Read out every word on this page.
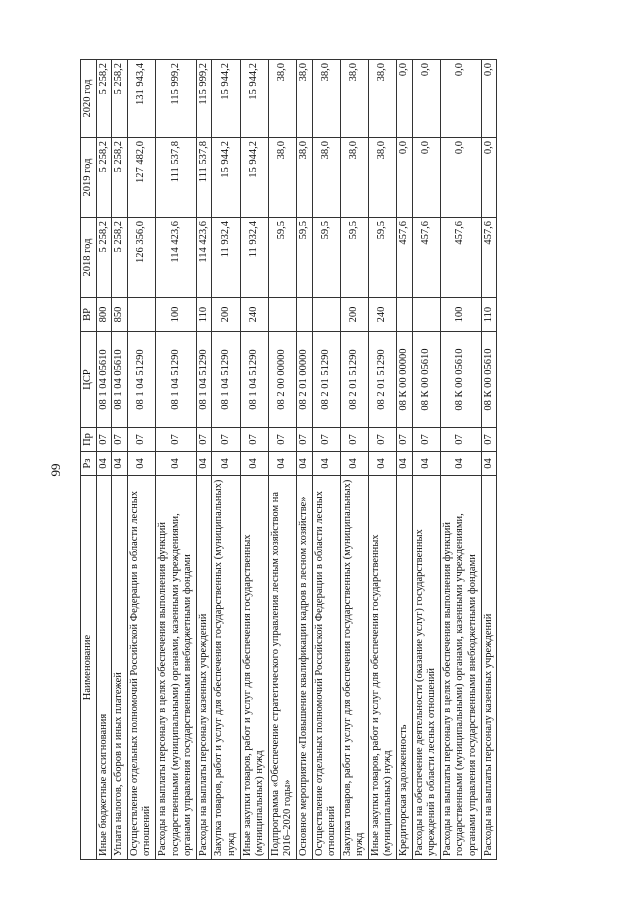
99
Наименование	Рз	Пр	ЦСР	ВР	2018 год	2019 год	2020 год
Иные бюджетные ассигнования	04	07	08 1 04 05610	800	5 258,2	5 258,2	5 258,2
Уплата налогов, сборов и иных платежей	04	07	08 1 04 05610	850	5 258,2	5 258,2	5 258,2
Осуществление отдельных полномочий Российской Федерации в области лесных отношений	04	07	08 1 04 51290		126 356,0	127 482,0	131 943,4
Расходы на выплаты персоналу в целях обеспечения выполнения функций государственными (муниципальными) органами, казенными учреждениями, органами управления государственными внебюджетными фондами	04	07	08 1 04 51290	100	114 423,6	111 537,8	115 999,2
Расходы на выплаты персоналу казенных учреждений	04	07	08 1 04 51290	110	114 423,6	111 537,8	115 999,2
Закупка товаров, работ и услуг для обеспечения государственных (муниципальных) нужд	04	07	08 1 04 51290	200	11 932,4	15 944,2	15 944,2
Иные закупки товаров, работ и услуг для обеспечения государственных (муниципальных) нужд	04	07	08 1 04 51290	240	11 932,4	15 944,2	15 944,2
Подпрограмма «Обеспечение стратегического управления лесным хозяйством на 2016–2020 годы»	04	07	08 2 00 00000		59,5	38,0	38,0
Основное мероприятие «Повышение квалификации кадров в лесном хозяйстве»	04	07	08 2 01 00000		59,5	38,0	38,0
Осуществление отдельных полномочий Российской Федерации в области лесных отношений	04	07	08 2 01 51290		59,5	38,0	38,0
Закупка товаров, работ и услуг для обеспечения государственных (муниципальных) нужд	04	07	08 2 01 51290	200	59,5	38,0	38,0
Иные закупки товаров, работ и услуг для обеспечения государственных (муниципальных) нужд	04	07	08 2 01 51290	240	59,5	38,0	38,0
Кредиторская задолженность	04	07	08 К 00 00000		457,6	0,0	0,0
Расходы на обеспечение деятельности (оказание услуг) государственных учреждений в области лесных отношений	04	07	08 К 00 05610		457,6	0,0	0,0
Расходы на выплаты персоналу в целях обеспечения выполнения функций государственными (муниципальными) органами, казенными учреждениями, органами управления государственными внебюджетными фондами	04	07	08 К 00 05610	100	457,6	0,0	0,0
Расходы на выплаты персоналу казенных учреждений	04	07	08 К 00 05610	110	457,6	0,0	0,0
